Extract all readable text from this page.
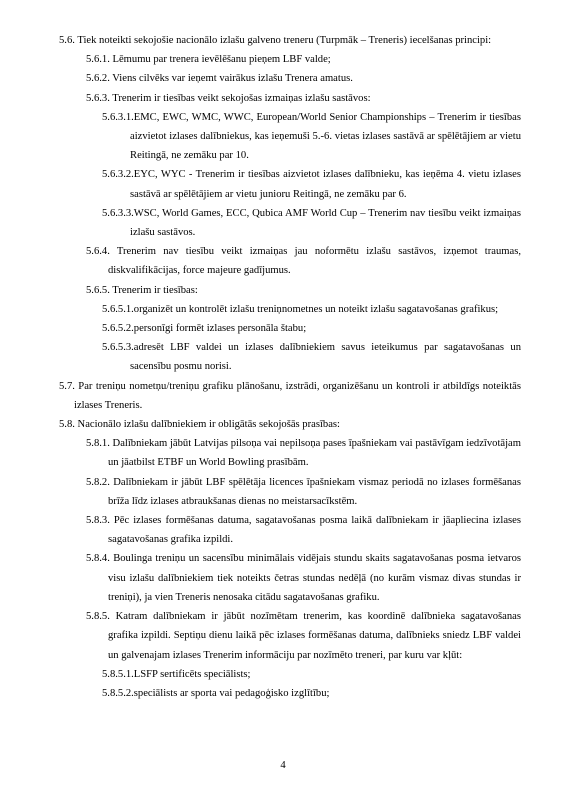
5.6. Tiek noteikti sekojošie nacionālo izlašu galveno treneru (Turpmāk – Treneris) iecelšanas principi:

5.6.1. Lēmumu par trenera ievēlēšanu pieņem LBF valde;

5.6.2. Viens cilvēks var ieņemt vairākus izlašu Trenera amatus.

5.6.3. Trenerim ir tiesības veikt sekojošas izmaiņas izlašu sastāvos:

5.6.3.1.EMC, EWC, WMC, WWC, European/World Senior Championships – Trenerim ir tiesības aizvietot izlases dalībniekus, kas ieņemuši 5.-6. vietas izlases sastāvā ar spēlētājiem ar vietu Reitingā, ne zemāku par 10.

5.6.3.2.EYC, WYC - Trenerim ir tiesības aizvietot izlases dalībnieku, kas ieņēma 4. vietu izlases sastāvā ar spēlētājiem ar vietu junioru Reitingā, ne zemāku par 6.

5.6.3.3.WSC, World Games, ECC, Qubica AMF World Cup – Trenerim nav tiesību veikt izmaiņas izlašu sastāvos.

5.6.4. Trenerim nav tiesību veikt izmaiņas jau noformētu izlašu sastāvos, izņemot traumas, diskvalifikācijas, force majeure gadījumus.

5.6.5. Trenerim ir tiesības:

5.6.5.1.organizēt un kontrolēt izlašu treniņnometnes un noteikt izlašu sagatavošanas grafikus;

5.6.5.2.personīgi formēt izlases personāla štabu;

5.6.5.3.adresēt LBF valdei un izlases dalībniekiem savus ieteikumus par sagatavošanas un sacensību posmu norisi.

5.7. Par treniņu nometņu/treniņu grafiku plānošanu, izstrādi, organizēšanu un kontroli ir atbildīgs noteiktās izlases Treneris.

5.8. Nacionālo izlašu dalībniekiem ir obligātās sekojošās prasības:

5.8.1. Dalībniekam jābūt Latvijas pilsoņa vai nepilsoņa pases īpašniekam vai pastāvīgam iedzīvotājam un jāatbilst ETBF un World Bowling prasībām.

5.8.2. Dalībniekam ir jābūt LBF spēlētāja licences īpašniekam vismaz periodā no izlases formēšanas brīža līdz izlases atbraukšanas dienas no meistarsacīkstēm.

5.8.3. Pēc izlases formēšanas datuma, sagatavošanas posma laikā dalībniekam ir jāapliecina izlases sagatavošanas grafika izpildi.

5.8.4. Boulinga treniņu un sacensību minimālais vidējais stundu skaits sagatavošanas posma ietvaros visu izlašu dalībniekiem tiek noteikts četras stundas nedēļā (no kurām vismaz divas stundas ir treniņi), ja vien Treneris nenosaka citādu sagatavošanas grafiku.

5.8.5. Katram dalībniekam ir jābūt nozīmētam trenerim, kas koordinē dalībnieka sagatavošanas grafika izpildi. Septiņu dienu laikā pēc izlases formēšanas datuma, dalībnieks sniedz LBF valdei un galvenajam izlases Trenerim informāciju par nozīmēto treneri, par kuru var kļūt:

5.8.5.1.LSFP sertificēts speciālists;

5.8.5.2.speciālists ar sporta vai pedagoģisko izglītību;

4
